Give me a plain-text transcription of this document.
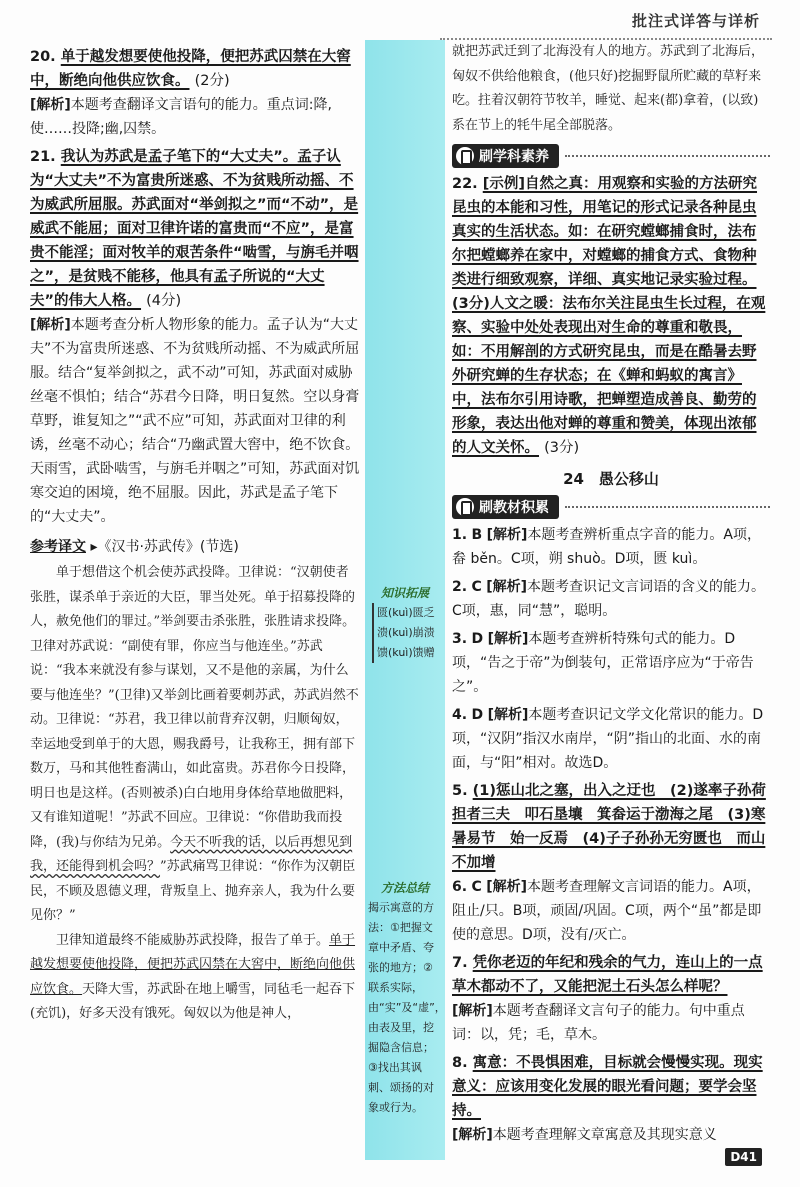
批注式详答与详析
知识拓展
匮(kuì)匮乏
溃(kuì)崩溃
馈(kuì)馈赠
方法总结
揭示寓意的方法：①把握文章中矛盾、夸张的地方；②联系实际，由“实”及“虚”，由表及里，挖掘隐含信息；③找出其讽刺、颂扬的对象或行为。

20. 单于越发想要使他投降，便把苏武囚禁在大窖中，断绝向他供应饮食。 (2分)

[解析]本题考查翻译文言语句的能力。重点词:降,使……投降;幽,囚禁。

21. 我认为苏武是孟子笔下的“大丈夫”。孟子认为“大丈夫”不为富贵所迷惑、不为贫贱所动摇、不为威武所屈服。苏武面对“举剑拟之”而“不动”，是威武不能屈；面对卫律许诺的富贵而“不应”，是富贵不能淫；面对牧羊的艰苦条件“啮雪，与旃毛并咽之”，是贫贱不能移，他具有孟子所说的“大丈夫”的伟大人格。 (4分)

[解析]本题考查分析人物形象的能力。孟子认为“大丈夫”不为富贵所迷惑、不为贫贱所动摇、不为威武所屈服。结合“复举剑拟之，武不动”可知，苏武面对威胁丝毫不惧怕；结合“苏君今日降，明日复然。空以身膏草野，谁复知之”“武不应”可知，苏武面对卫律的利诱，丝毫不动心；结合“乃幽武置大窖中，绝不饮食。天雨雪，武卧啮雪，与旃毛并咽之”可知，苏武面对饥寒交迫的困境，绝不屈服。因此，苏武是孟子笔下的“大丈夫”。

参考译文 ▸《汉书·苏武传》(节选)

单于想借这个机会使苏武投降。卫律说：“汉朝使者张胜，谋杀单于亲近的大臣，罪当处死。单于招募投降的人，赦免他们的罪过。”举剑要击杀张胜，张胜请求投降。卫律对苏武说：“副使有罪，你应当与他连坐。”苏武说：“我本来就没有参与谋划，又不是他的亲属，为什么要与他连坐？”(卫律)又举剑比画着要刺苏武，苏武岿然不动。卫律说：“苏君，我卫律以前背弃汉朝，归顺匈奴，幸运地受到单于的大恩，赐我爵号，让我称王，拥有部下数万，马和其他牲畜满山，如此富贵。苏君你今日投降，明日也是这样。(否则被杀)白白地用身体给草地做肥料，又有谁知道呢！”苏武不回应。卫律说：“你借助我而投降，(我)与你结为兄弟。今天不听我的话，以后再想见到我，还能得到机会吗？”苏武痛骂卫律说：“你作为汉朝臣民，不顾及恩德义理，背叛皇上、抛弃亲人，我为什么要见你？”

卫律知道最终不能威胁苏武投降，报告了单于。单于越发想要使他投降，便把苏武囚禁在大窖中，断绝向他供应饮食。天降大雪，苏武卧在地上嚼雪，同毡毛一起吞下(充饥)，好多天没有饿死。匈奴以为他是神人，

就把苏武迁到了北海没有人的地方。苏武到了北海后，匈奴不供给他粮食，(他只好)挖掘野鼠所贮藏的草籽来吃。拄着汉朝符节牧羊，睡觉、起来(都)拿着，(以致)系在节上的牦牛尾全部脱落。

刷学科素养

22. [示例]自然之真：用观察和实验的方法研究昆虫的本能和习性，用笔记的形式记录各种昆虫真实的生活状态。如：在研究螳螂捕食时，法布尔把螳螂养在家中，对螳螂的捕食方式、食物种类进行细致观察，详细、真实地记录实验过程。(3分)人文之暖：法布尔关注昆虫生长过程，在观察、实验中处处表现出对生命的尊重和敬畏，如：不用解剖的方式研究昆虫，而是在酷暑去野外研究蝉的生存状态；在《蝉和蚂蚁的寓言》中，法布尔引用诗歌，把蝉塑造成善良、勤劳的形象，表达出他对蝉的尊重和赞美，体现出浓郁的人文关怀。 (3分)

24　愚公移山
刷教材积累

1. B [解析]本题考查辨析重点字音的能力。A项，畚 běn。C项，朔 shuò。D项，匮 kuì。

2. C [解析]本题考查识记文言词语的含义的能力。C项，惠，同“慧”，聪明。

3. D [解析]本题考查辨析特殊句式的能力。D项，“告之于帝”为倒装句，正常语序应为“于帝告之”。

4. D [解析]本题考查识记文学文化常识的能力。D项，“汉阴”指汉水南岸，“阴”指山的北面、水的南面，与“阳”相对。故选D。

5. (1)惩山北之塞，出入之迂也　(2)遂率子孙荷担者三夫　叩石垦壤　箕畚运于渤海之尾　(3)寒暑易节　始一反焉　(4)子子孙孙无穷匮也　而山不加增

6. C [解析]本题考查理解文言词语的能力。A项，阻止/只。B项，顽固/巩固。C项，两个“虽”都是即使的意思。D项，没有/灭亡。

7. 凭你老迈的年纪和残余的气力，连山上的一点草木都动不了，又能把泥土石头怎么样呢？

[解析]本题考查翻译文言句子的能力。句中重点词：以，凭；毛，草木。

8. 寓意：不畏惧困难，目标就会慢慢实现。现实意义：应该用变化发展的眼光看问题；要学会坚持。

[解析]本题考查理解文章寓意及其现实意义

D41
